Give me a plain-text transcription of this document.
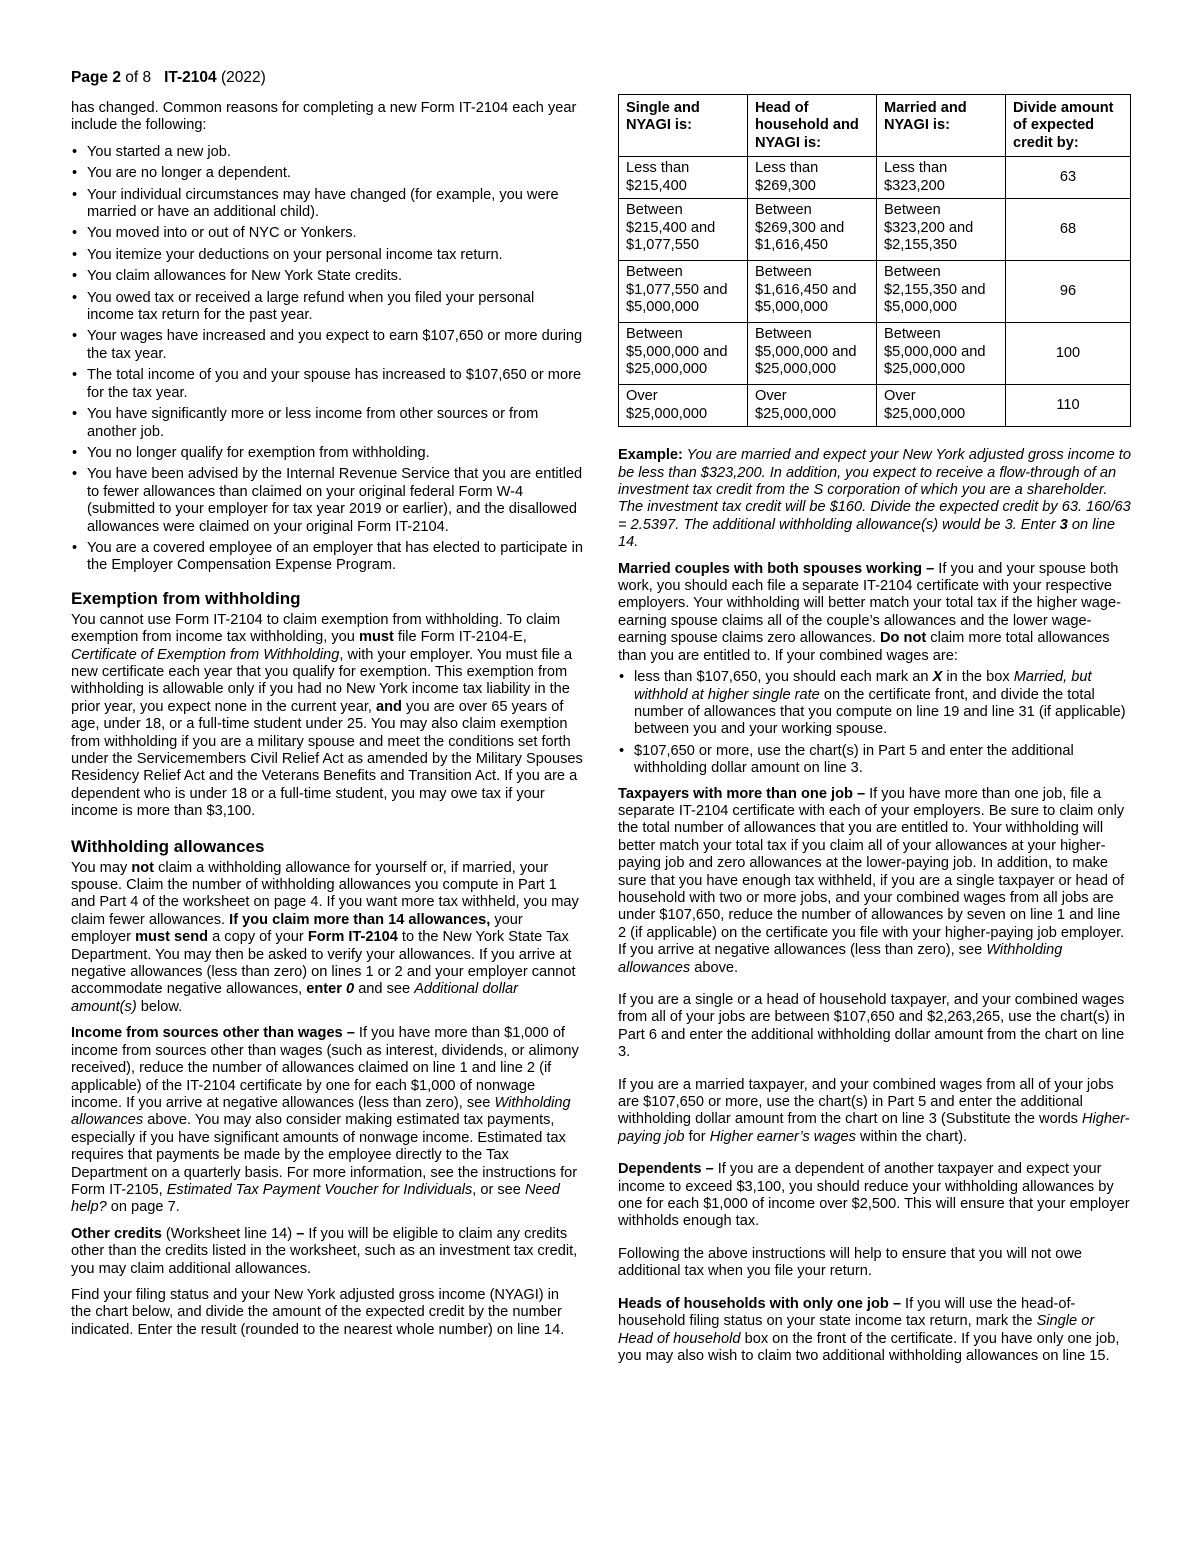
Page 2 of 8 IT-2104 (2022)

has changed. Common reasons for completing a new Form IT-2104 each year include the following:

• You started a new job.
• You are no longer a dependent.
• Your individual circumstances may have changed (for example, you were married or have an additional child).
• You moved into or out of NYC or Yonkers.
• You itemize your deductions on your personal income tax return.
• You claim allowances for New York State credits.
• You owed tax or received a large refund when you filed your personal income tax return for the past year.
• Your wages have increased and you expect to earn $107,650 or more during the tax year.
• The total income of you and your spouse has increased to $107,650 or more for the tax year.
• You have significantly more or less income from other sources or from another job.
• You no longer qualify for exemption from withholding.
• You have been advised by the Internal Revenue Service that you are entitled to fewer allowances than claimed on your original federal Form W-4 (submitted to your employer for tax year 2019 or earlier), and the disallowed allowances were claimed on your original Form IT-2104.
• You are a covered employee of an employer that has elected to participate in the Employer Compensation Expense Program.
Exemption from withholding

You cannot use Form IT-2104 to claim exemption from withholding. To claim exemption from income tax withholding, you must file Form IT-2104-E, Certificate of Exemption from Withholding, with your employer. You must file a new certificate each year that you qualify for exemption. This exemption from withholding is allowable only if you had no New York income tax liability in the prior year, you expect none in the current year, and you are over 65 years of age, under 18, or a full-time student under 25. You may also claim exemption from withholding if you are a military spouse and meet the conditions set forth under the Servicemembers Civil Relief Act as amended by the Military Spouses Residency Relief Act and the Veterans Benefits and Transition Act. If you are a dependent who is under 18 or a full-time student, you may owe tax if your income is more than $3,100.

Withholding allowances

You may not claim a withholding allowance for yourself or, if married, your spouse. Claim the number of withholding allowances you compute in Part 1 and Part 4 of the worksheet on page 4. If you want more tax withheld, you may claim fewer allowances. If you claim more than 14 allowances, your employer must send a copy of your Form IT-2104 to the New York State Tax Department. You may then be asked to verify your allowances. If you arrive at negative allowances (less than zero) on lines 1 or 2 and your employer cannot accommodate negative allowances, enter 0 and see Additional dollar amount(s) below.

Income from sources other than wages – If you have more than $1,000 of income from sources other than wages (such as interest, dividends, or alimony received), reduce the number of allowances claimed on line 1 and line 2 (if applicable) of the IT-2104 certificate by one for each $1,000 of nonwage income. If you arrive at negative allowances (less than zero), see Withholding allowances above. You may also consider making estimated tax payments, especially if you have significant amounts of nonwage income. Estimated tax requires that payments be made by the employee directly to the Tax Department on a quarterly basis. For more information, see the instructions for Form IT-2105, Estimated Tax Payment Voucher for Individuals, or see Need help? on page 7.

Other credits (Worksheet line 14) – If you will be eligible to claim any credits other than the credits listed in the worksheet, such as an investment tax credit, you may claim additional allowances.

Find your filing status and your New York adjusted gross income (NYAGI) in the chart below, and divide the amount of the expected credit by the number indicated. Enter the result (rounded to the nearest whole number) on line 14.

Single and NYAGI is:	Head of household and NYAGI is:	Married and NYAGI is:	Divide amount of expected credit by:
Less than $215,400	Less than $269,300	Less than $323,200	63
Between $215,400 and $1,077,550	Between $269,300 and $1,616,450	Between $323,200 and $2,155,350	68
Between $1,077,550 and $5,000,000	Between $1,616,450 and $5,000,000	Between $2,155,350 and $5,000,000	96
Between $5,000,000 and $25,000,000	Between $5,000,000 and $25,000,000	Between $5,000,000 and $25,000,000	100
Over $25,000,000	Over $25,000,000	Over $25,000,000	110

Example: You are married and expect your New York adjusted gross income to be less than $323,200. In addition, you expect to receive a flow-through of an investment tax credit from the S corporation of which you are a shareholder. The investment tax credit will be $160. Divide the expected credit by 63. 160/63 = 2.5397. The additional withholding allowance(s) would be 3. Enter 3 on line 14.

Married couples with both spouses working – If you and your spouse both work, you should each file a separate IT-2104 certificate with your respective employers. Your withholding will better match your total tax if the higher wage-earning spouse claims all of the couple’s allowances and the lower wage-earning spouse claims zero allowances. Do not claim more total allowances than you are entitled to. If your combined wages are:

• less than $107,650, you should each mark an X in the box Married, but withhold at higher single rate on the certificate front, and divide the total number of allowances that you compute on line 19 and line 31 (if applicable) between you and your working spouse.
• $107,650 or more, use the chart(s) in Part 5 and enter the additional withholding dollar amount on line 3.

Taxpayers with more than one job – If you have more than one job, file a separate IT-2104 certificate with each of your employers. Be sure to claim only the total number of allowances that you are entitled to. Your withholding will better match your total tax if you claim all of your allowances at your higher-paying job and zero allowances at the lower-paying job. In addition, to make sure that you have enough tax withheld, if you are a single taxpayer or head of household with two or more jobs, and your combined wages from all jobs are under $107,650, reduce the number of allowances by seven on line 1 and line 2 (if applicable) on the certificate you file with your higher-paying job employer. If you arrive at negative allowances (less than zero), see Withholding allowances above.

If you are a single or a head of household taxpayer, and your combined wages from all of your jobs are between $107,650 and $2,263,265, use the chart(s) in Part 6 and enter the additional withholding dollar amount from the chart on line 3.

If you are a married taxpayer, and your combined wages from all of your jobs are $107,650 or more, use the chart(s) in Part 5 and enter the additional withholding dollar amount from the chart on line 3 (Substitute the words Higher-paying job for Higher earner’s wages within the chart).

Dependents – If you are a dependent of another taxpayer and expect your income to exceed $3,100, you should reduce your withholding allowances by one for each $1,000 of income over $2,500. This will ensure that your employer withholds enough tax.

Following the above instructions will help to ensure that you will not owe additional tax when you file your return.

Heads of households with only one job – If you will use the head-of-household filing status on your state income tax return, mark the Single or Head of household box on the front of the certificate. If you have only one job, you may also wish to claim two additional withholding allowances on line 15.
